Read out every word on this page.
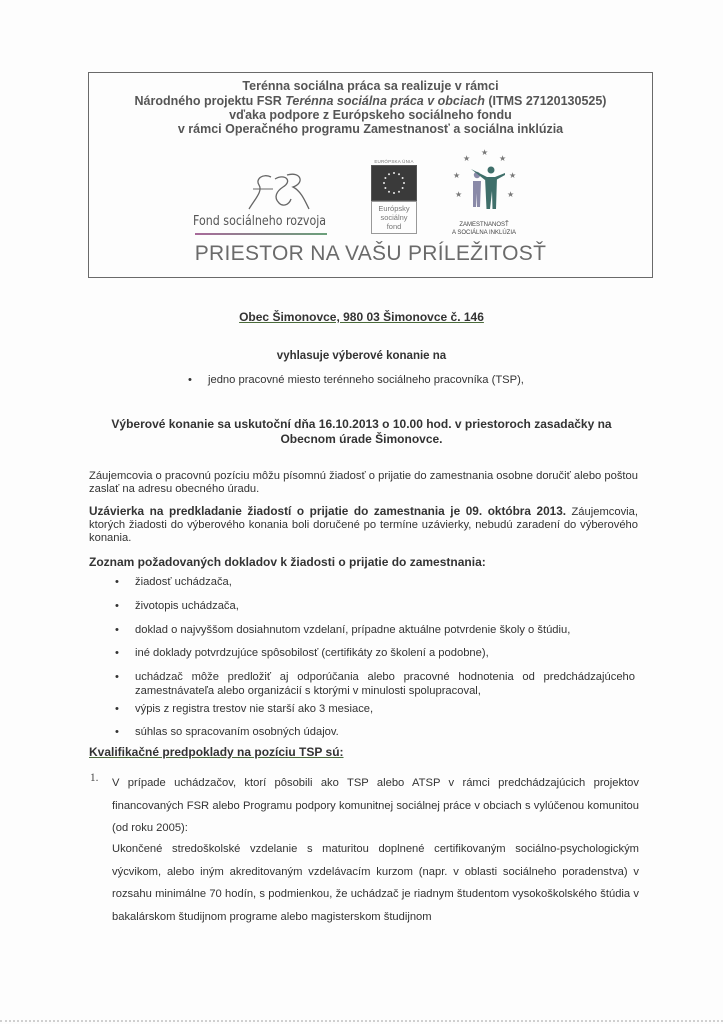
Terénna sociálna práca sa realizuje v rámci
Národného projektu FSR Terénna sociálna práca v obciach (ITMS 27120130525)
vďaka podpore z Európskeho sociálneho fondu
v rámci Operačného programu Zamestnanosť a sociálna inklúzia
Fond sociálneho rozvoja
EURÓPSKA ÚNIA
Európsky
sociálny
fond
★
★	★
★	★
★	★
ZAMESTNANOSŤ
A SOCIÁLNA INKLÚZIA
PRIESTOR NA VAŠU PRÍLEŽITOSŤ
Obec Šimonovce, 980 03 Šimonovce č. 146
vyhlasuje výberové konanie na
• jedno pracovné miesto terénneho sociálneho pracovníka (TSP),
Výberové konanie sa uskutoční dňa 16.10.2013 o 10.00 hod. v priestoroch zasadačky na
Obecnom úrade Šimonovce.
Záujemcovia o pracovnú pozíciu môžu písomnú žiadosť o prijatie do zamestnania osobne doručiť alebo poštou zaslať na adresu obecného úradu.
Uzávierka na predkladanie žiadostí o prijatie do zamestnania je 09. októbra 2013. Záujemcovia, ktorých žiadosti do výberového konania boli doručené po termíne uzávierky, nebudú zaradení do výberového konania.
Zoznam požadovaných dokladov k žiadosti o prijatie do zamestnania:
• žiadosť uchádzača,
• životopis uchádzača,
• doklad o najvyššom dosiahnutom vzdelaní, prípadne aktuálne potvrdenie školy o štúdiu,
• iné doklady potvrdzujúce spôsobilosť (certifikáty zo školení a podobne),
• uchádzač môže predložiť aj odporúčania alebo pracovné hodnotenia od predchádzajúceho zamestnávateľa alebo organizácií s ktorými v minulosti spolupracoval,
• výpis z registra trestov nie starší ako 3 mesiace,
• súhlas so spracovaním osobných údajov.
Kvalifikačné predpoklady na pozíciu TSP sú:
1. V prípade uchádzačov, ktorí pôsobili ako TSP alebo ATSP v rámci predchádzajúcich projektov financovaných FSR alebo Programu podpory komunitnej sociálnej práce v obciach s vylúčenou komunitou (od roku 2005):
Ukončené stredoškolské vzdelanie s maturitou doplnené certifikovaným sociálno-psychologickým výcvikom, alebo iným akreditovaným vzdelávacím kurzom (napr. v oblasti sociálneho poradenstva) v rozsahu minimálne 70 hodín, s podmienkou, že uchádzač je riadnym študentom vysokoškolského štúdia v bakalárskom študijnom programe alebo magisterskom študijnom
